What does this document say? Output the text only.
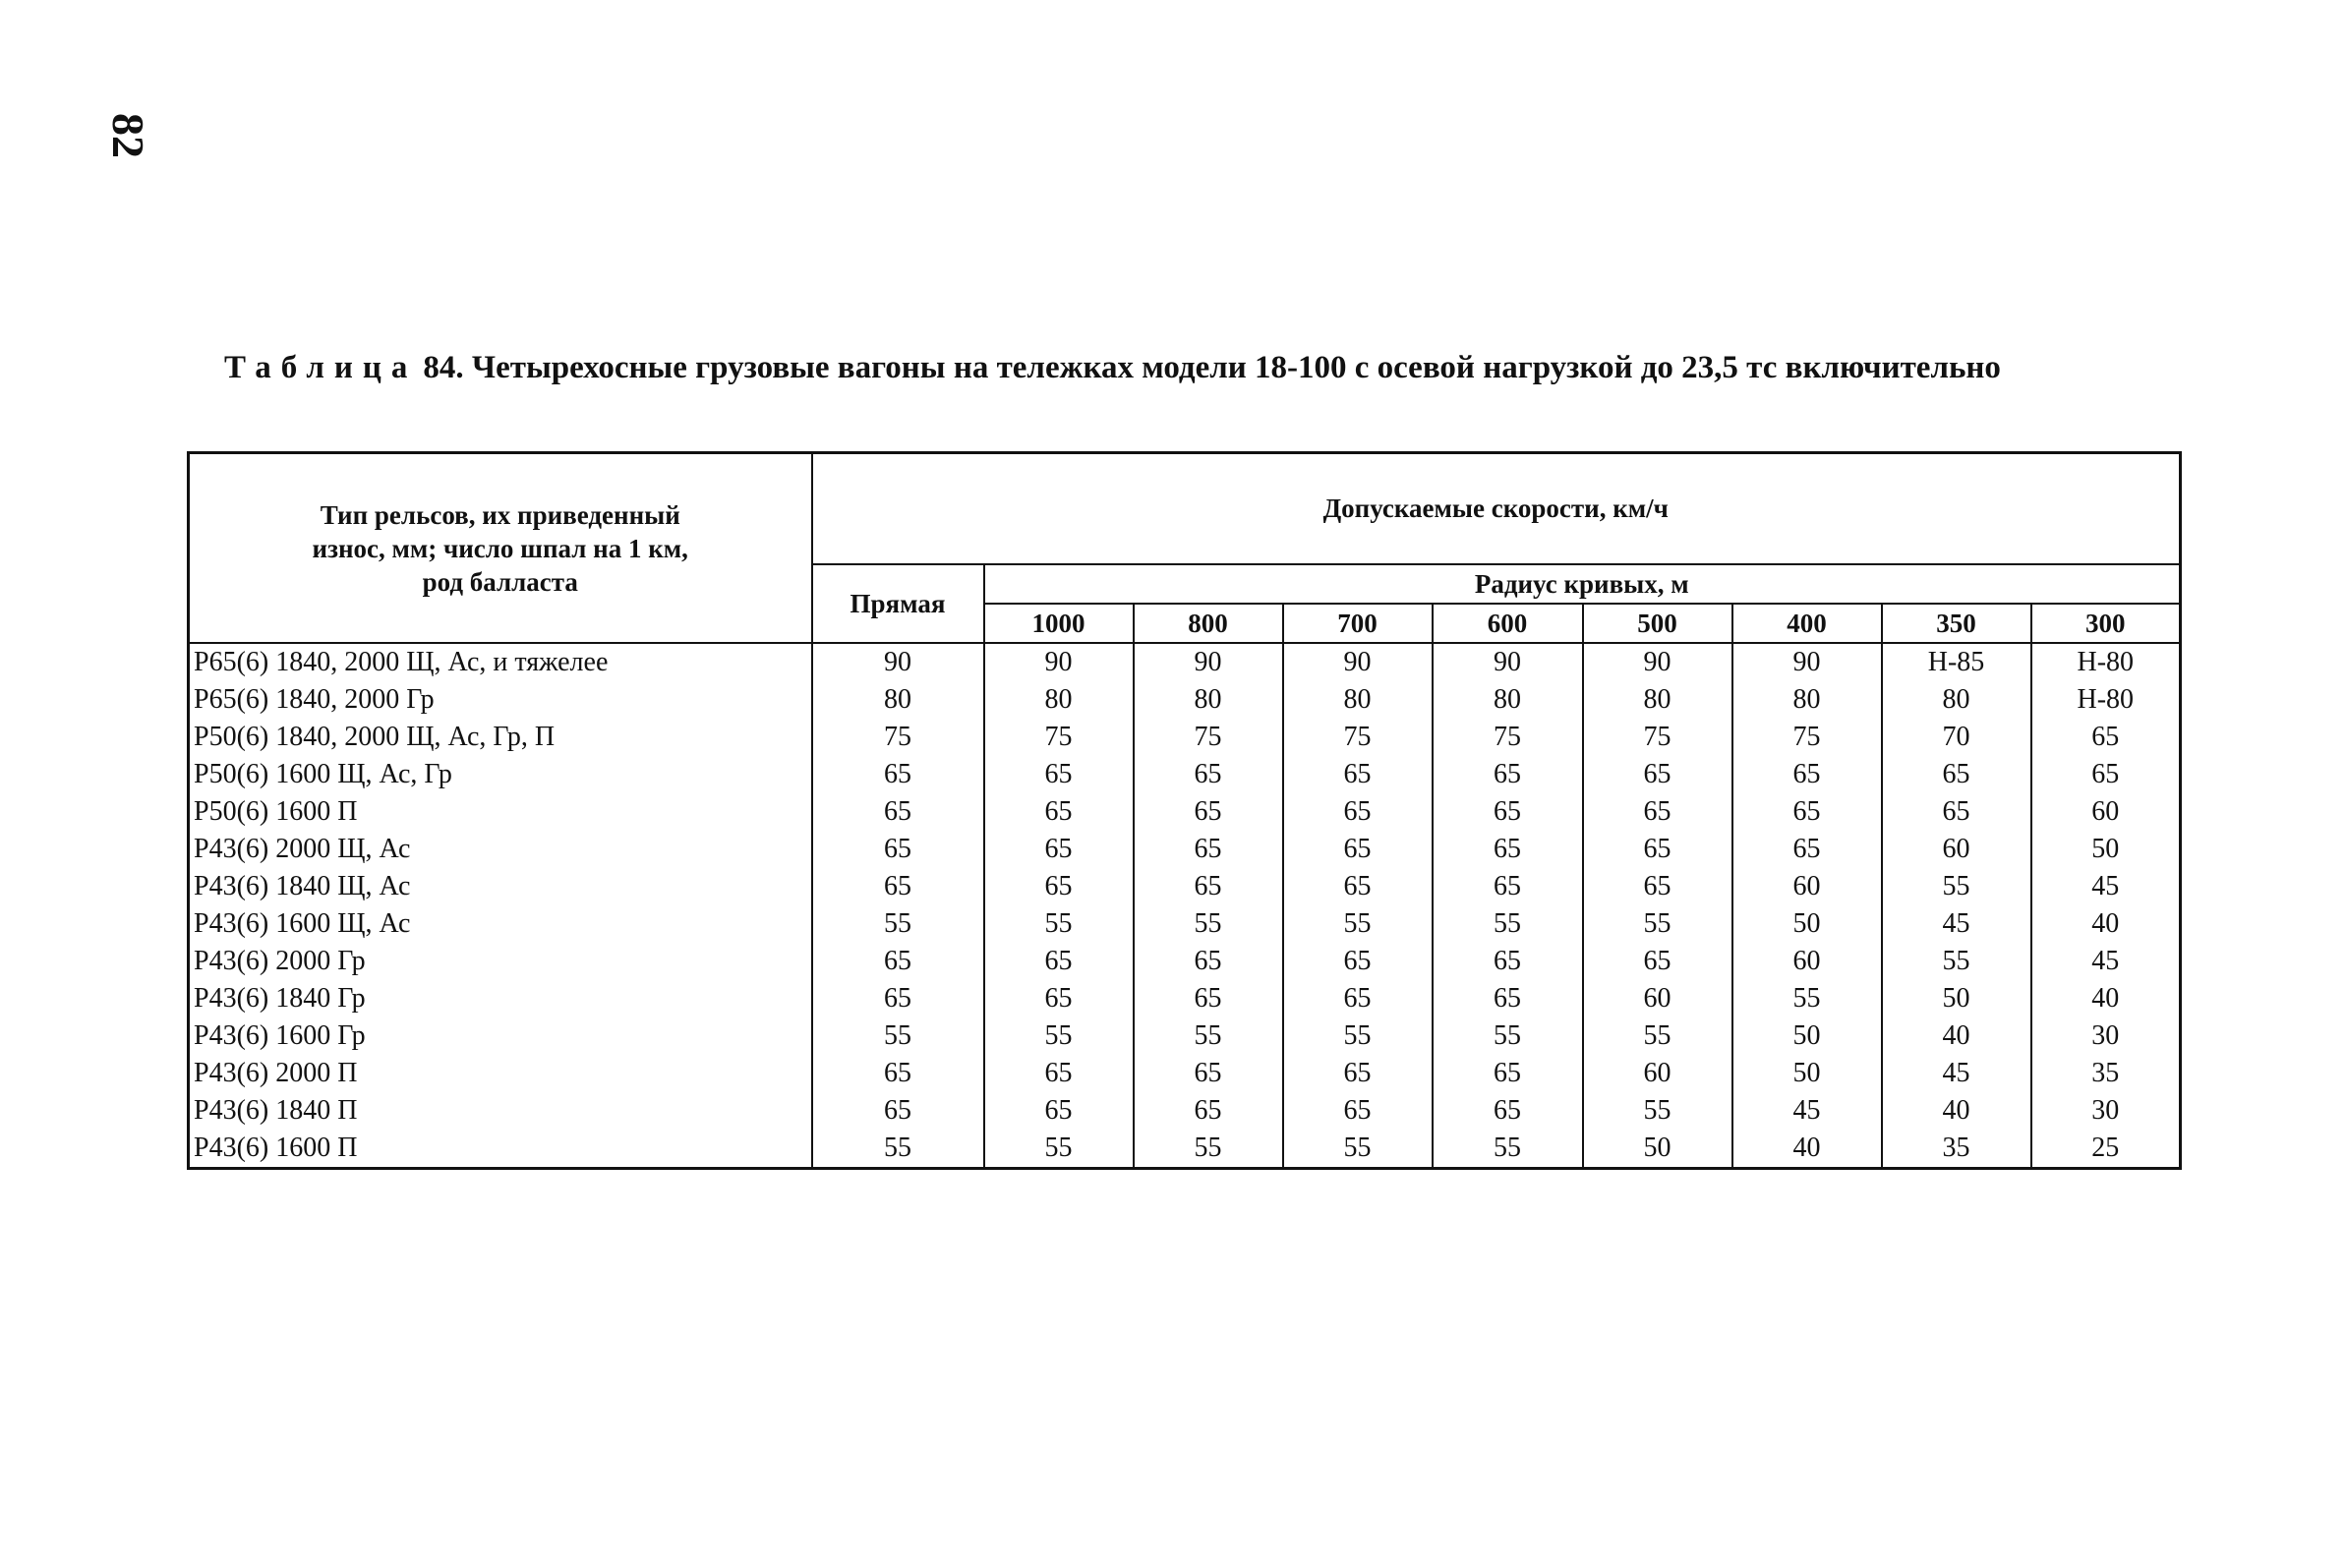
82
Таблица 84. Четырехосные грузовые вагоны на тележках модели 18-100 с осевой нагрузкой до 23,5 тс включительно
Тип рельсов, их приведенный
износ, мм; число шпал на 1 км,
род балласта	Допускаемые скорости, км/ч								
	Прямая	Радиус кривых, м							
		1000	800	700	600	500	400	350	300
Р65(6) 1840, 2000 Щ, Ас, и тяжелее	90	90	90	90	90	90	90	Н-85	Н-80
Р65(6) 1840, 2000 Гр	80	80	80	80	80	80	80	80	Н-80
Р50(6) 1840, 2000 Щ, Ас, Гр, П	75	75	75	75	75	75	75	70	65
Р50(6) 1600 Щ, Ас, Гр	65	65	65	65	65	65	65	65	65
Р50(6) 1600 П	65	65	65	65	65	65	65	65	60
Р43(6) 2000 Щ, Ас	65	65	65	65	65	65	65	60	50
Р43(6) 1840 Щ, Ас	65	65	65	65	65	65	60	55	45
Р43(6) 1600 Щ, Ас	55	55	55	55	55	55	50	45	40
Р43(6) 2000 Гр	65	65	65	65	65	65	60	55	45
Р43(6) 1840 Гр	65	65	65	65	65	60	55	50	40
Р43(6) 1600 Гр	55	55	55	55	55	55	50	40	30
Р43(6) 2000 П	65	65	65	65	65	60	50	45	35
Р43(6) 1840 П	65	65	65	65	65	55	45	40	30
Р43(6) 1600 П	55	55	55	55	55	50	40	35	25
